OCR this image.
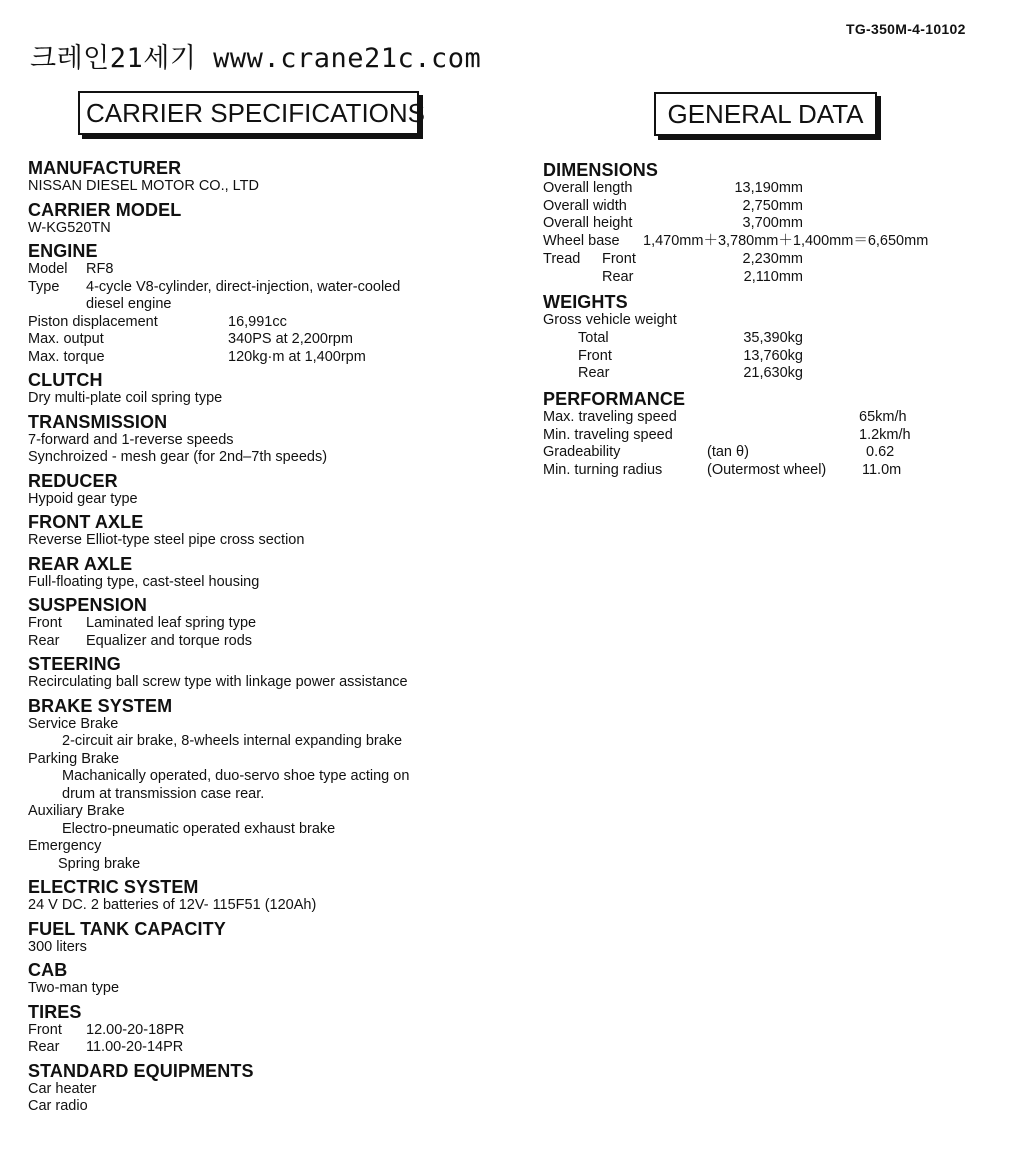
TG-350M-4-10102
크레인21세기 www.crane21c.com
CARRIER SPECIFICATIONS	GENERAL DATA
MANUFACTURER
NISSAN DIESEL MOTOR CO., LTD
CARRIER MODEL
W-KG520TN
ENGINE
Model	RF8
Type	4-cycle V8-cylinder, direct-injection, water-cooled
diesel engine
Piston displacement	16,991cc
Max. output	340PS at 2,200rpm
Max. torque	120kg·m at 1,400rpm
CLUTCH
Dry multi-plate coil spring type
TRANSMISSION
7-forward and 1-reverse speeds
Synchroized - mesh gear (for 2nd–7th speeds)
REDUCER
Hypoid gear type
FRONT AXLE
Reverse Elliot-type steel pipe cross section
REAR AXLE
Full-floating type, cast-steel housing
SUSPENSION
Front	Laminated leaf spring type
Rear	Equalizer and torque rods
STEERING
Recirculating ball screw type with linkage power assistance
BRAKE SYSTEM
Service Brake
2-circuit air brake, 8-wheels internal expanding brake
Parking Brake
Machanically operated, duo-servo shoe type acting on
drum at transmission case rear.
Auxiliary Brake
Electro-pneumatic operated exhaust brake
Emergency
Spring brake
ELECTRIC SYSTEM
24 V DC. 2 batteries of 12V- 115F51 (120Ah)
FUEL TANK CAPACITY
300 liters
CAB
Two-man type
TIRES
Front	12.00-20-18PR
Rear	11.00-20-14PR
STANDARD EQUIPMENTS
Car heater
Car radio
DIMENSIONS
Overall length	13,190mm
Overall width	2,750mm
Overall height	3,700mm
Wheel base	1,470mm＋3,780mm＋1,400mm＝6,650mm
Tread	Front	2,230mm
Rear	2,110mm
WEIGHTS
Gross vehicle weight
Total	35,390kg
Front	13,760kg
Rear	21,630kg
PERFORMANCE
Max. traveling speed	65km/h
Min. traveling speed	1.2km/h
Gradeability	(tan θ)	0.62
Min. turning radius	(Outermost wheel)	11.0m
